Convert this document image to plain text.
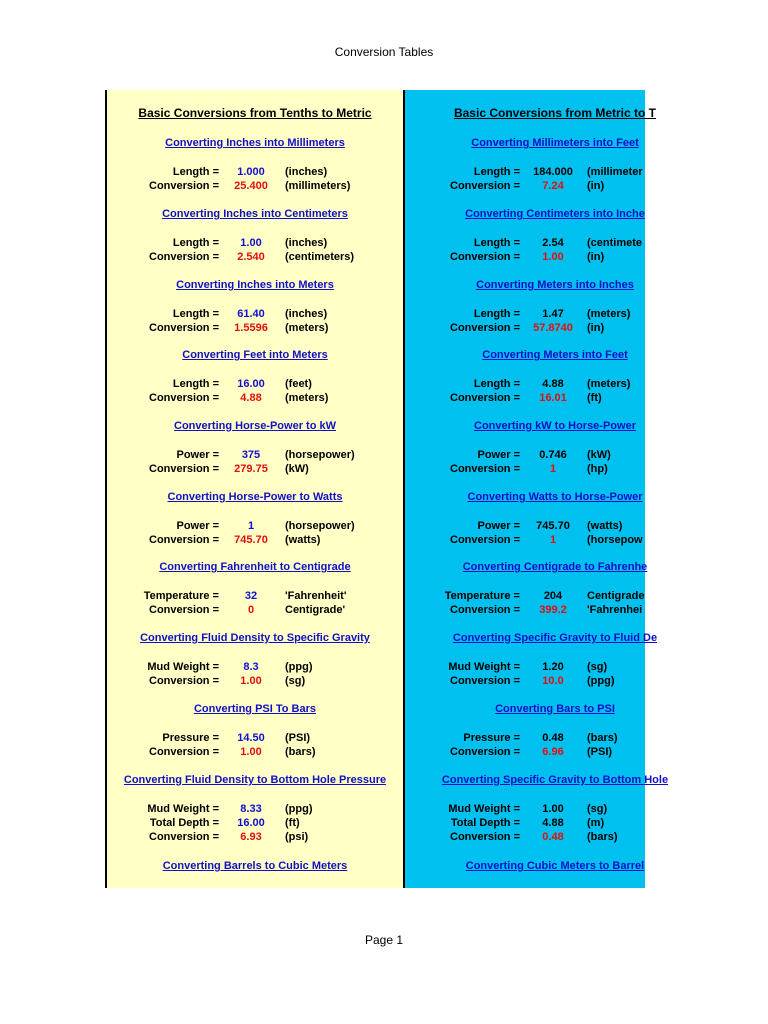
Conversion Tables
Basic Conversions from Tenths to Metric
Converting Inches into Millimeters
Length =	1.000	(inches)
Conversion =	25.400	(millimeters)
Converting Inches into Centimeters
Length =	1.00	(inches)
Conversion =	2.540	(centimeters)
Converting Inches into Meters
Length =	61.40	(inches)
Conversion =	1.5596	(meters)
Converting Feet into Meters
Length =	16.00	(feet)
Conversion =	4.88	(meters)
Converting Horse-Power to kW
Power =	375	(horsepower)
Conversion =	279.75	(kW)
Converting Horse-Power to Watts
Power =	1	(horsepower)
Conversion =	745.70	(watts)
Converting Fahrenheit to Centigrade
Temperature =	32	'Fahrenheit'
Conversion =	0	Centigrade'
Converting Fluid Density to Specific Gravity
Mud Weight =	8.3	(ppg)
Conversion =	1.00	(sg)
Converting PSI To Bars
Pressure =	14.50	(PSI)
Conversion =	1.00	(bars)
Converting Fluid Density to Bottom Hole Pressure
Mud Weight =	8.33	(ppg)
Total Depth =	16.00	(ft)
Conversion =	6.93	(psi)
Converting Barrels to Cubic Meters
Basic Conversions from Metric to T
Converting Millimeters into Feet
Length =	184.000	(millimeter
Conversion =	7.24	(in)
Converting Centimeters into Inche
Length =	2.54	(centimete
Conversion =	1.00	(in)
Converting Meters into Inches
Length =	1.47	(meters)
Conversion =	57.8740	(in)
Converting Meters into Feet
Length =	4.88	(meters)
Conversion =	16.01	(ft)
Converting kW to Horse-Power
Power =	0.746	(kW)
Conversion =	1	(hp)
Converting Watts to Horse-Power
Power =	745.70	(watts)
Conversion =	1	(horsepow
Converting Centigrade to Fahrenhe
Temperature =	204	Centigrade
Conversion =	399.2	'Fahrenhei
Converting Specific Gravity to Fluid De
Mud Weight =	1.20	(sg)
Conversion =	10.0	(ppg)
Converting Bars to PSI
Pressure =	0.48	(bars)
Conversion =	6.96	(PSI)
Converting Specific Gravity to Bottom Hole
Mud Weight =	1.00	(sg)
Total Depth =	4.88	(m)
Conversion =	0.48	(bars)
Converting Cubic Meters to Barrel
Page 1
